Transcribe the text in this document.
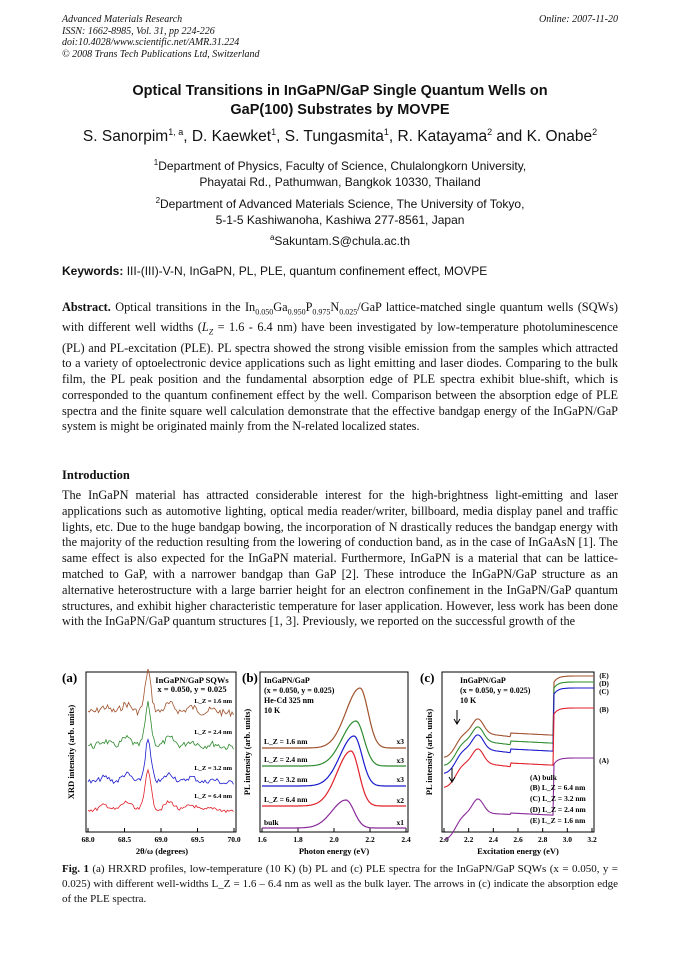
Advanced Materials Research
ISSN: 1662-8985, Vol. 31, pp 224-226
doi:10.4028/www.scientific.net/AMR.31.224
© 2008 Trans Tech Publications Ltd, Switzerland
Online: 2007-11-20
Optical Transitions in InGaPN/GaP Single Quantum Wells on
GaP(100) Substrates by MOVPE
S. Sanorpim$^{1, a}$, D. Kaewket$^1$, S. Tungasmita$^1$, R. Katayama$^2$ and K. Onabe$^2$
$^1$Department of Physics, Faculty of Science, Chulalongkorn University,
Phayatai Rd., Pathumwan, Bangkok 10330, Thailand
$^2$Department of Advanced Materials Science, The University of Tokyo,
5-1-5 Kashiwanoha, Kashiwa 277-8561, Japan
$^a$Sakuntam.S@chula.ac.th
Keywords: III-(III)-V-N, InGaPN, PL, PLE, quantum confinement effect, MOVPE
Abstract. Optical transitions in the $In_{0.050}Ga_{0.950}P_{0.975}N_{0.025}$/GaP lattice-matched single quantum wells (SQWs) with different well widths ($L_Z = 1.6 - 6.4$ nm) have been investigated by low-temperature photoluminescence (PL) and PL-excitation (PLE). PL spectra showed the strong visible emission from the samples which attracted to a variety of optoelectronic device applications such as light emitting and laser diodes. Comparing to the bulk film, the PL peak position and the fundamental absorption edge of PLE spectra exhibit blue-shift, which is corresponded to the quantum confinement effect by the well. Comparison between the absorption edge of PLE spectra and the finite square well calculation demonstrate that the effective bandgap energy of the InGaPN/GaP system is might be originated mainly from the N-related localized states.
Introduction
The InGaPN material has attracted considerable interest for the high-brightness light-emitting and laser applications such as automotive lighting, optical media reader/writer, billboard, media display panel and traffic lights, etc. Due to the huge bandgap bowing, the incorporation of N drastically reduces the bandgap energy with the majority of the reduction resulting from the lowering of conduction band, as in the case of InGaAsN [1]. The same effect is also expected for the InGaPN material. Furthermore, InGaPN is a material that can be lattice-matched to GaP, with a narrower bandgap than GaP [2]. These introduce the InGaPN/GaP structure as an alternative heterostructure with a large barrier height for an electron confinement in the InGaPN/GaP quantum structures, and exhibit higher characteristic temperature for laser application. However, less work has been done with the InGaPN/GaP quantum structures [1, 3]. Previously, we reported on the successful growth of the
(a)	InGaPN/GaP SQWs
x = 0.050, y = 0.025
XRD intensity (arb. units)
2θ/ω (degrees)
68.0	68.5	69.0	69.5	70.0
L_Z = 1.6 nm
L_Z = 2.4 nm
L_Z = 3.2 nm
L_Z = 6.4 nm
(b) InGaPN/GaP
(x = 0.050, y = 0.025)
He-Cd 325 nm
10 K
PL intensity (arb. units)
Photon energy (eV)
1.6	1.8	2.0	2.2	2.4
L_Z = 1.6 nm
L_Z = 2.4 nm
L_Z = 3.2 nm
L_Z = 6.4 nm
bulk
x3
x3
x3
x2
x1
(c)	InGaPN/GaP
(x = 0.050, y = 0.025)
10 K
PL intensity (arb. units)
Excitation energy (eV)
2.0 2.2 2.4 2.6 2.8 3.0 3.2
(E)
(D)
(C)
(B)
(A)
(A) bulk
(B) L_Z = 6.4 nm
(C) L_Z = 3.2 nm
(D) L_Z = 2.4 nm
(E) L_Z = 1.6 nm
Fig. 1 (a) HRXRD profiles, low-temperature (10 K) (b) PL and (c) PLE spectra for the InGaPN/GaP SQWs (x = 0.050, y = 0.025) with different well-widths L_Z = 1.6 – 6.4 nm as well as the bulk layer. The arrows in (c) indicate the absorption edge of the PLE spectra.
